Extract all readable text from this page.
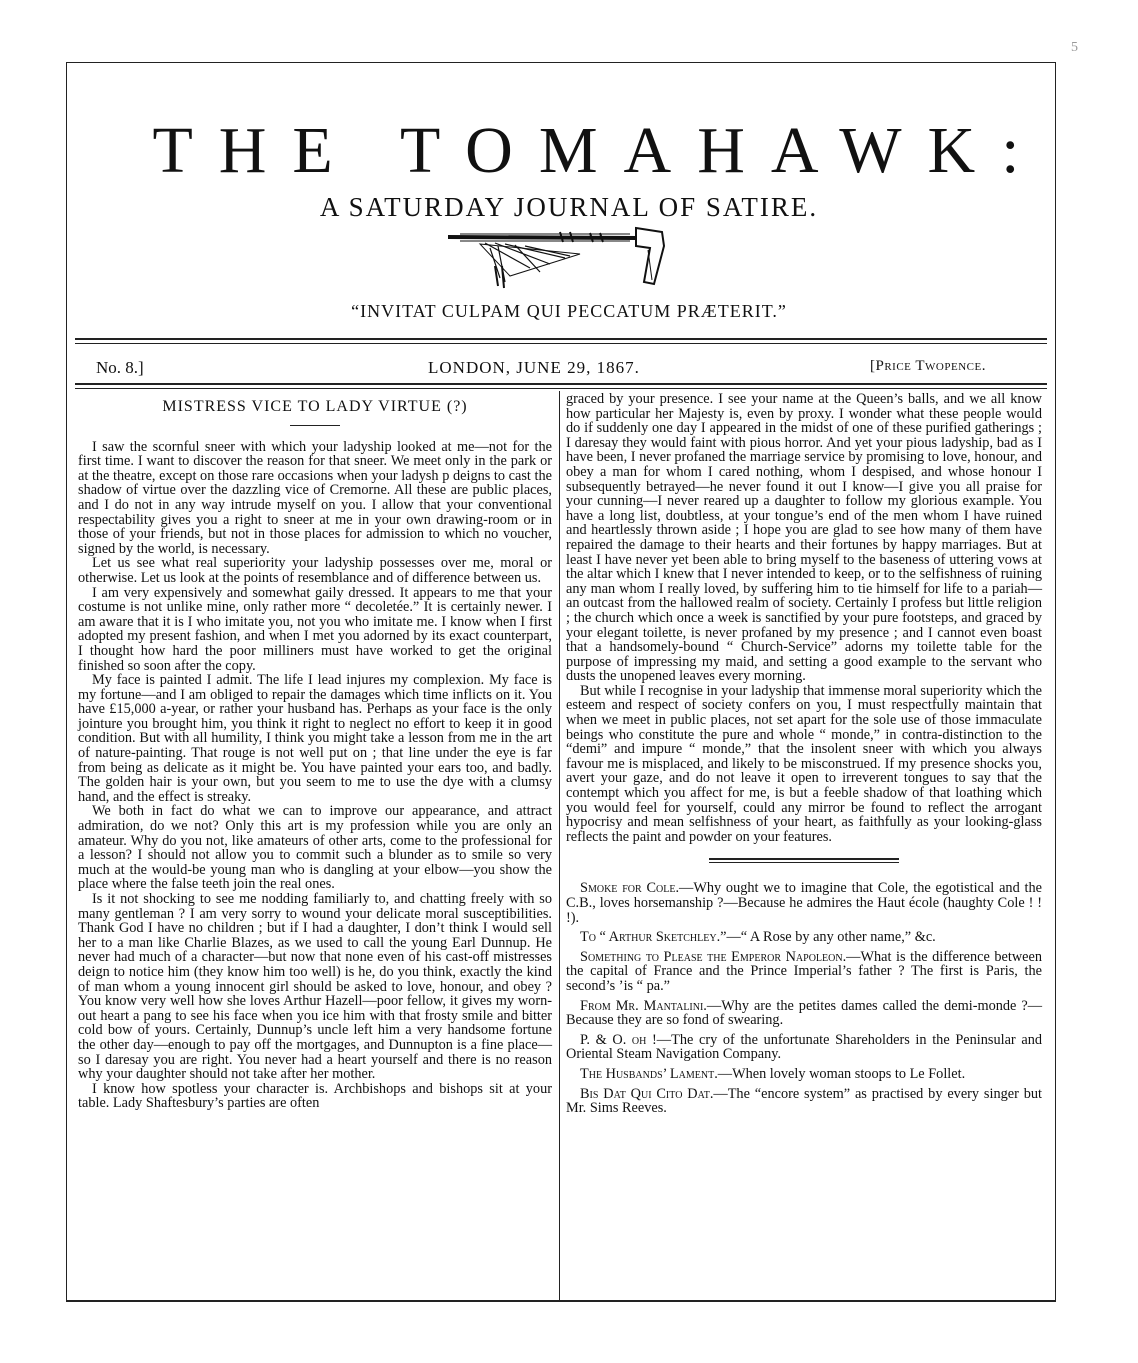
5
THE TOMAHAWK:
A SATURDAY JOURNAL OF SATIRE.
“INVITAT CULPAM QUI PECCATUM PRÆTERIT.”
No. 8.]	LONDON, JUNE 29, 1867.	[Price Twopence.
MISTRESS VICE TO LADY VIRTUE (?)

I saw the scornful sneer with which your ladyship looked at me—not for the first time. I want to discover the reason for that sneer. We meet only in the park or at the theatre, except on those rare occasions when your ladysh p deigns to cast the shadow of virtue over the dazzling vice of Cremorne. All these are public places, and I do not in any way intrude myself on you. I allow that your conventional respectability gives you a right to sneer at me in your own drawing-room or in those of your friends, but not in those places for admission to which no voucher, signed by the world, is necessary.

Let us see what real superiority your ladyship possesses over me, moral or otherwise. Let us look at the points of resemblance and of difference between us.

I am very expensively and somewhat gaily dressed. It appears to me that your costume is not unlike mine, only rather more “ decoletée.” It is certainly newer. I am aware that it is I who imitate you, not you who imitate me. I know when I first adopted my present fashion, and when I met you adorned by its exact counterpart, I thought how hard the poor milliners must have worked to get the original finished so soon after the copy.

My face is painted I admit. The life I lead injures my complexion. My face is my fortune—and I am obliged to repair the damages which time inflicts on it. You have £15,000 a-year, or rather your husband has. Perhaps as your face is the only jointure you brought him, you think it right to neglect no effort to keep it in good condition. But with all humility, I think you might take a lesson from me in the art of nature-painting. That rouge is not well put on ; that line under the eye is far from being as delicate as it might be. You have painted your ears too, and badly. The golden hair is your own, but you seem to me to use the dye with a clumsy hand, and the effect is streaky.

We both in fact do what we can to improve our appearance, and attract admiration, do we not? Only this art is my profession while you are only an amateur. Why do you not, like amateurs of other arts, come to the professional for a lesson? I should not allow you to commit such a blunder as to smile so very much at the would-be young man who is dangling at your elbow—you show the place where the false teeth join the real ones.

Is it not shocking to see me nodding familiarly to, and chatting freely with so many gentleman ? I am very sorry to wound your delicate moral susceptibilities. Thank God I have no children ; but if I had a daughter, I don’t think I would sell her to a man like Charlie Blazes, as we used to call the young Earl Dunnup. He never had much of a character—but now that none even of his cast-off mistresses deign to notice him (they know him too well) is he, do you think, exactly the kind of man whom a young innocent girl should be asked to love, honour, and obey ? You know very well how she loves Arthur Hazell—poor fellow, it gives my worn-out heart a pang to see his face when you ice him with that frosty smile and bitter cold bow of yours. Certainly, Dunnup’s uncle left him a very handsome fortune the other day—enough to pay off the mortgages, and Dunnupton is a fine place—so I daresay you are right. You never had a heart yourself and there is no reason why your daughter should not take after her mother.

I know how spotless your character is. Archbishops and bishops sit at your table. Lady Shaftesbury’s parties are often

graced by your presence. I see your name at the Queen’s balls, and we all know how particular her Majesty is, even by proxy. I wonder what these people would do if suddenly one day I appeared in the midst of one of these purified gatherings ; I daresay they would faint with pious horror. And yet your pious ladyship, bad as I have been, I never profaned the marriage service by promising to love, honour, and obey a man for whom I cared nothing, whom I despised, and whose honour I subsequently betrayed—he never found it out I know—I give you all praise for your cunning—I never reared up a daughter to follow my glorious example. You have a long list, doubtless, at your tongue’s end of the men whom I have ruined and heartlessly thrown aside ; I hope you are glad to see how many of them have repaired the damage to their hearts and their fortunes by happy marriages. But at least I have never yet been able to bring myself to the baseness of uttering vows at the altar which I knew that I never intended to keep, or to the selfishness of ruining any man whom I really loved, by suffering him to tie himself for life to a pariah—an outcast from the hallowed realm of society. Certainly I profess but little religion ; the church which once a week is sanctified by your pure footsteps, and graced by your elegant toilette, is never profaned by my presence ; and I cannot even boast that a handsomely-bound “ Church-Service” adorns my toilette table for the purpose of impressing my maid, and setting a good example to the servant who dusts the unopened leaves every morning.

But while I recognise in your ladyship that immense moral superiority which the esteem and respect of society confers on you, I must respectfully maintain that when we meet in public places, not set apart for the sole use of those immaculate beings who constitute the pure and whole “ monde,” in contra-distinction to the “demi” and impure “ monde,” that the insolent sneer with which you always favour me is misplaced, and likely to be misconstrued. If my presence shocks you, avert your gaze, and do not leave it open to irreverent tongues to say that the contempt which you affect for me, is but a feeble shadow of that loathing which you would feel for yourself, could any mirror be found to reflect the arrogant hypocrisy and mean selfishness of your heart, as faithfully as your looking-glass reflects the paint and powder on your features.

Smoke for Cole.—Why ought we to imagine that Cole, the egotistical and the C.B., loves horsemanship ?—Because he admires the Haut école (haughty Cole ! ! !).
To “ Arthur Sketchley.”—“ A Rose by any other name,” &c.
Something to Please the Emperor Napoleon.—What is the difference between the capital of France and the Prince Imperial’s father ? The first is Paris, the second’s ’is “ pa.”
From Mr. Mantalini.—Why are the petites dames called the demi-monde ?—Because they are so fond of swearing.
P. & O. oh !—The cry of the unfortunate Shareholders in the Peninsular and Oriental Steam Navigation Company.
The Husbands’ Lament.—When lovely woman stoops to Le Follet.
Bis Dat Qui Cito Dat.—The “encore system” as practised by every singer but Mr. Sims Reeves.
